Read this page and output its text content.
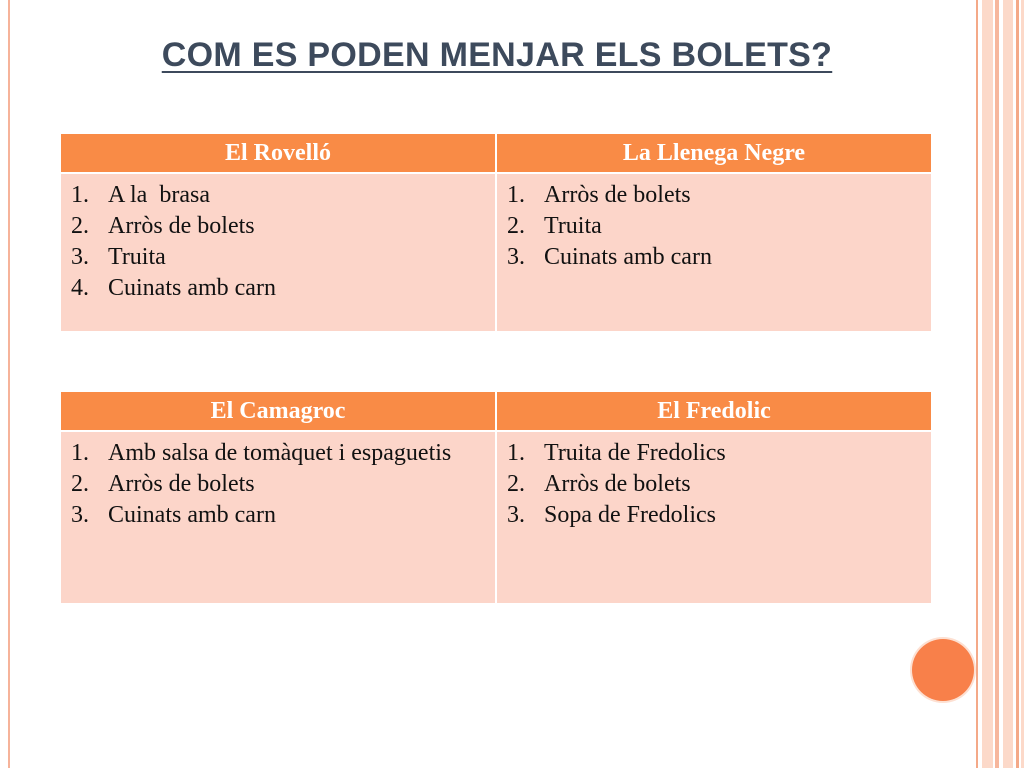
COM ES PODEN MENJAR ELS BOLETS?
El Rovelló	La Llenega Negre
1. A la  brasa
2. Arròs de bolets
3. Truita
4. Cuinats amb carn
1. Arròs de bolets
2. Truita
3. Cuinats amb carn
El Camagroc	El Fredolic
1. Amb salsa de tomàquet i espaguetis
2. Arròs de bolets
3. Cuinats amb carn
1. Truita de Fredolics
2. Arròs de bolets
3. Sopa de Fredolics
